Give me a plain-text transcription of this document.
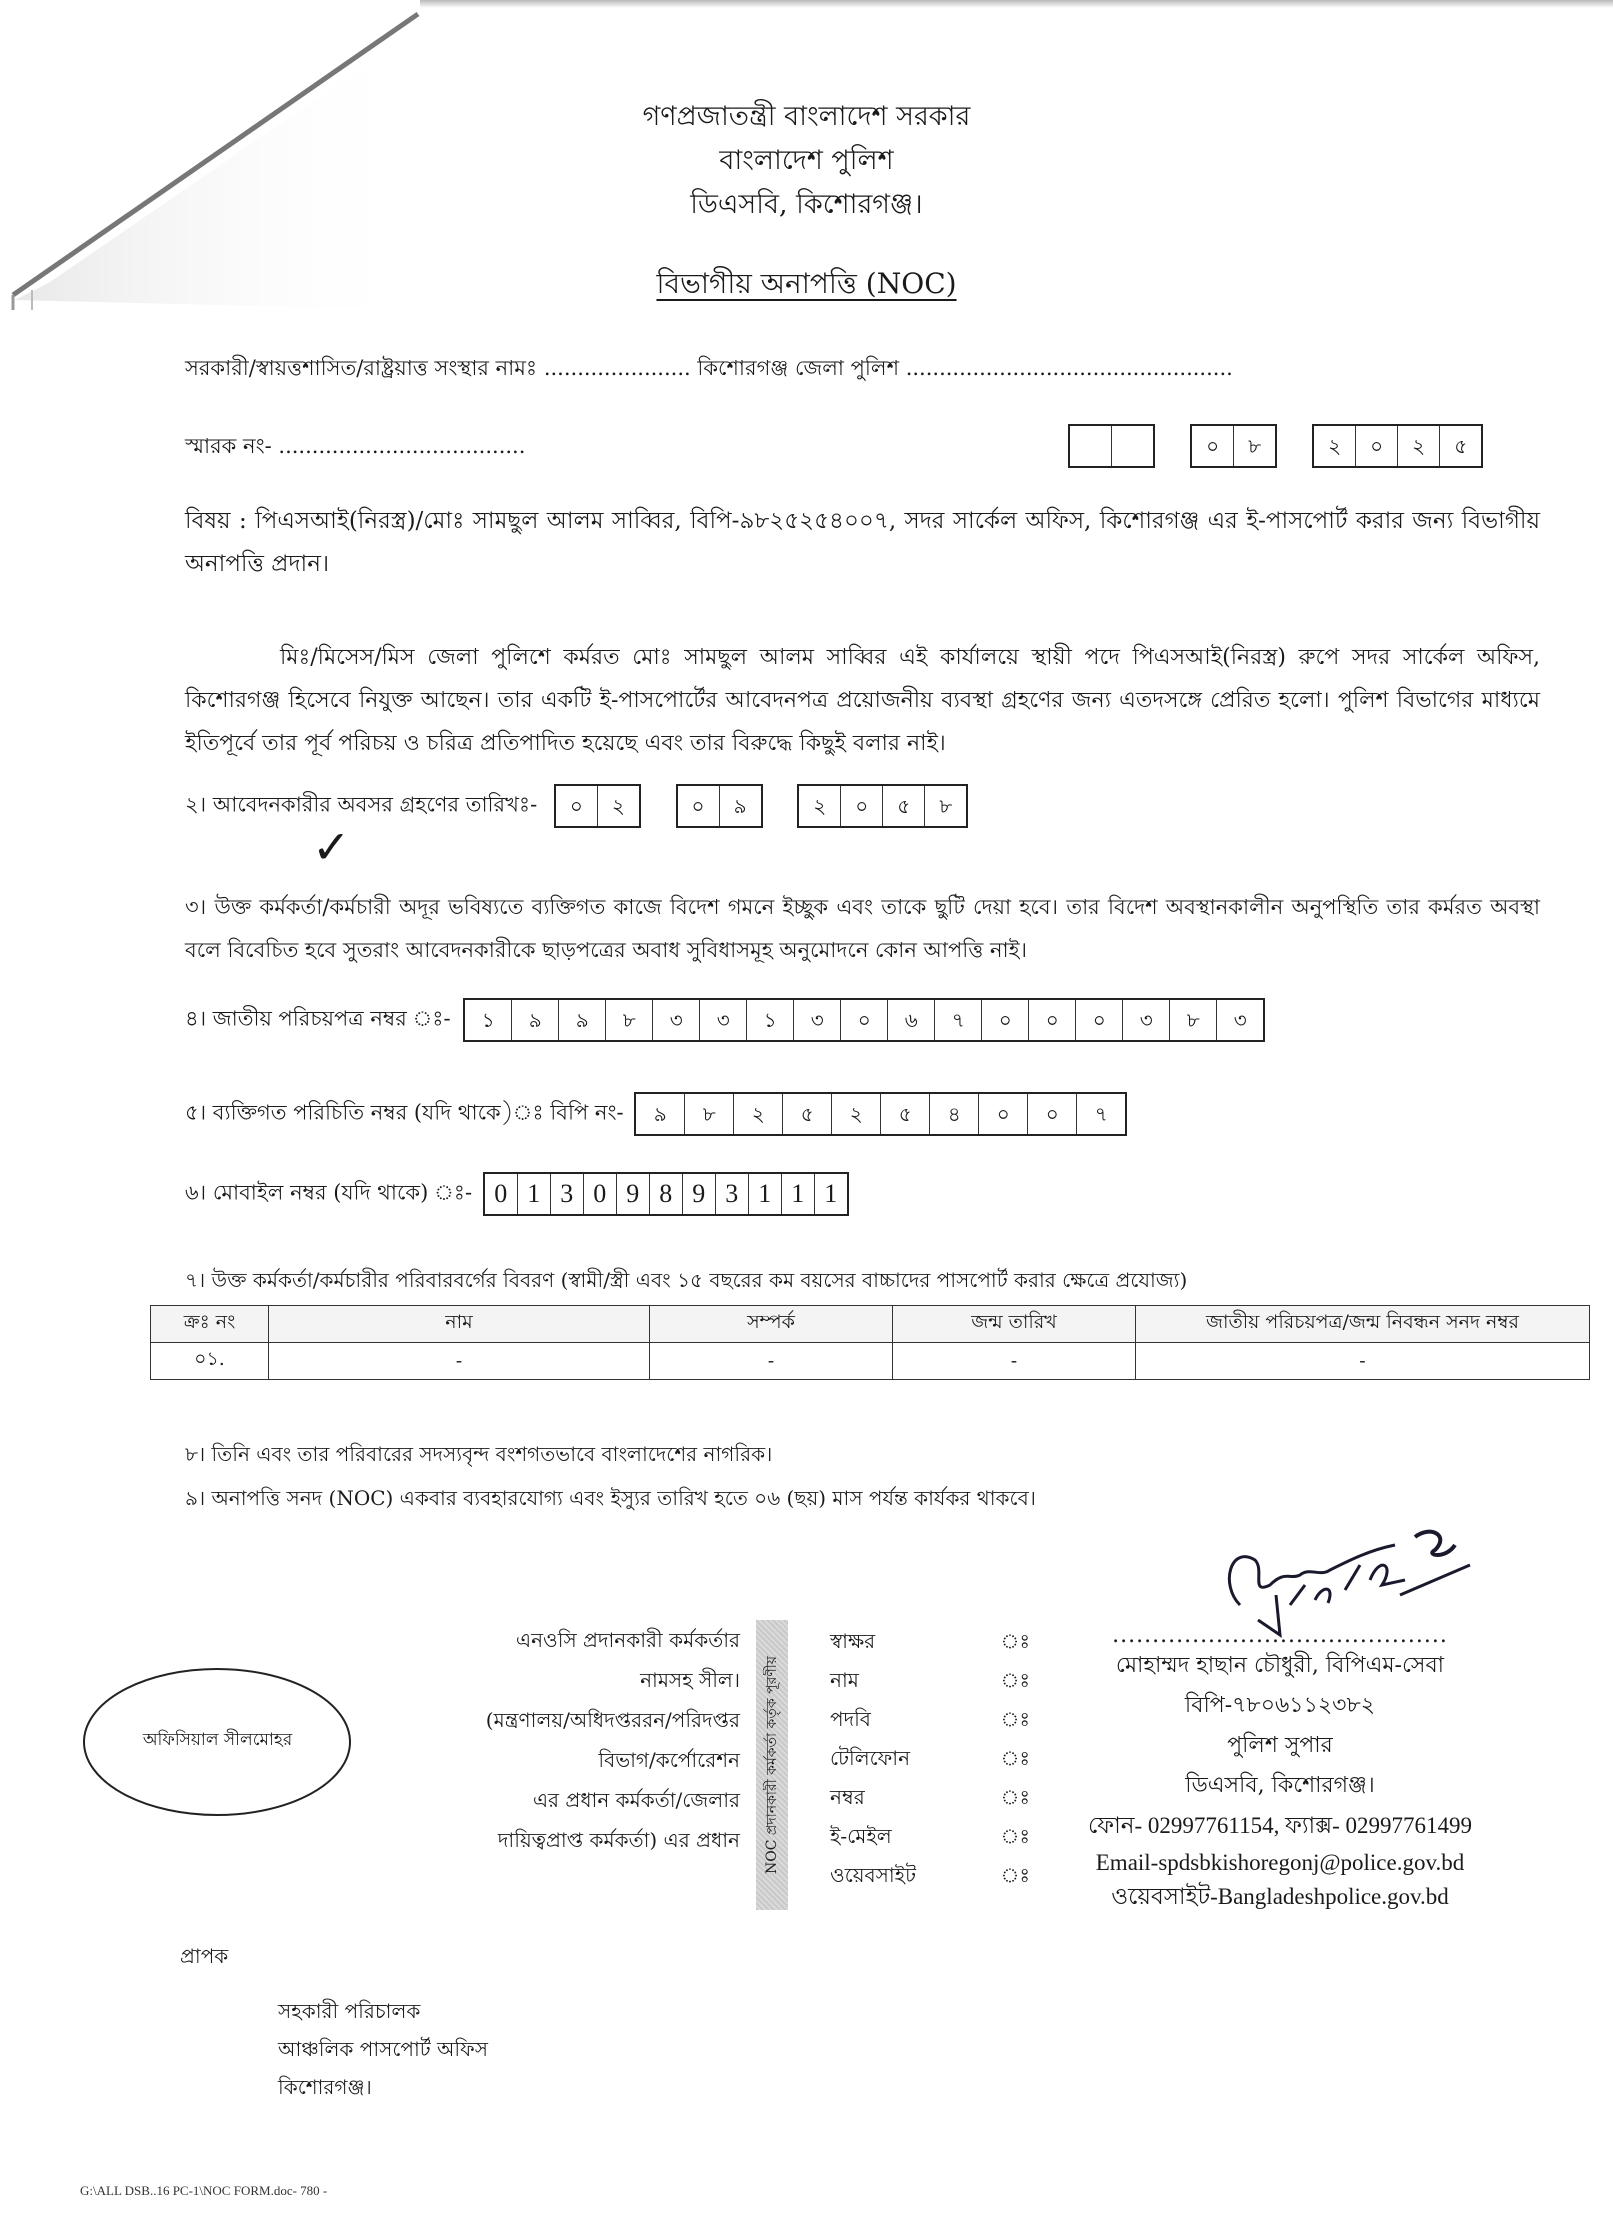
গণপ্রজাতন্ত্রী বাংলাদেশ সরকার
বাংলাদেশ পুলিশ
ডিএসবি, কিশোরগঞ্জ।
বিভাগীয় অনাপত্তি (NOC)
সরকারী/স্বায়ত্তশাসিত/রাষ্ট্রয়াত্ত সংস্থার নামঃ ...................... কিশোরগঞ্জ জেলা পুলিশ .................................................
স্মারক নং- .....................................
	০	৮
	২	০	২	৫
বিষয় : পিএসআই(নিরস্ত্র)/মোঃ সামছুল আলম সাব্বির, বিপি-৯৮২৫২৫৪০০৭, সদর সার্কেল অফিস, কিশোরগঞ্জ এর ই-পাসপোর্ট করার জন্য বিভাগীয় অনাপত্তি প্রদান।
মিঃ/মিসেস/মিস জেলা পুলিশে কর্মরত মোঃ সামছুল আলম সাব্বির এই কার্যালয়ে স্থায়ী পদে পিএসআই(নিরস্ত্র) রুপে সদর সার্কেল অফিস, কিশোরগঞ্জ হিসেবে নিযুক্ত আছেন। তার একটি ই-পাসপোর্টের আবেদনপত্র প্রয়োজনীয় ব্যবস্থা গ্রহণের জন্য এতদসঙ্গে প্রেরিত হলো। পুলিশ বিভাগের মাধ্যমে ইতিপূর্বে তার পূর্ব পরিচয় ও চরিত্র প্রতিপাদিত হয়েছে এবং তার বিরুদ্ধে কিছুই বলার নাই।
২। আবেদনকারীর অবসর গ্রহণের তারিখঃ-	০	২
	০	৯
	২	০	৫	৮
✓
৩। উক্ত কর্মকর্তা/কর্মচারী অদূর ভবিষ্যতে ব্যক্তিগত কাজে বিদেশ গমনে ইচ্ছুক এবং তাকে ছুটি দেয়া হবে। তার বিদেশ অবস্থানকালীন অনুপস্থিতি তার কর্মরত অবস্থা বলে বিবেচিত হবে সুতরাং আবেদনকারীকে ছাড়পত্রের অবাধ সুবিধাসমূহ অনুমোদনে কোন আপত্তি নাই।
৪। জাতীয় পরিচয়পত্র নম্বর ঃ-	১	৯	৯	৮	৩	৩	১	৩	০	৬	৭	০	০	০	৩	৮	৩
৫। ব্যক্তিগত পরিচিতি নম্বর (যদি থাকে)ঃ বিপি নং-	৯	৮	২	৫	২	৫	৪	০	০	৭
৬। মোবাইল নম্বর (যদি থাকে) ঃ- 0 1 3 0 9 8 9 3 1 1 1
৭। উক্ত কর্মকর্তা/কর্মচারীর পরিবারবর্গের বিবরণ (স্বামী/স্ত্রী এবং ১৫ বছরের কম বয়সের বাচ্চাদের পাসপোর্ট করার ক্ষেত্রে প্রযোজ্য)
ক্রঃ নং	নাম	সম্পর্ক	জন্ম তারিখ	জাতীয় পরিচয়পত্র/জন্ম নিবন্ধন সনদ নম্বর
০১.	-	-	-	-
৮। তিনি এবং তার পরিবারের সদস্যবৃন্দ বংশগতভাবে বাংলাদেশের নাগরিক।
৯। অনাপত্তি সনদ (NOC) একবার ব্যবহারযোগ্য এবং ইস্যুর তারিখ হতে ০৬ (ছয়) মাস পর্যন্ত কার্যকর থাকবে।
অফিসিয়াল সীলমোহর
এনওসি প্রদানকারী কর্মকর্তার
নামসহ সীল।
(মন্ত্রণালয়/অধিদপ্তররন/পরিদপ্তর
বিভাগ/কর্পোরেশন
এর প্রধান কর্মকর্তা/জেলার
দায়িত্বপ্রাপ্ত কর্মকর্তা) এর প্রধান NOC প্রদানকারী কর্মকর্তা কর্তৃক পূরণীয়
স্বাক্ষর	ঃ
নাম	ঃ
পদবি	ঃ
টেলিফোন	ঃ
নম্বর	ঃ
ই-মেইল	ঃ
ওয়েবসাইট	ঃ
..........................................
মোহাম্মদ হাছান চৌধুরী, বিপিএম-সেবা
বিপি-৭৮০৬১১২৩৮২
পুলিশ সুপার
ডিএসবি, কিশোরগঞ্জ।
ফোন- 02997761154, ফ্যাক্স- 02997761499
Email-spdsbkishoregonj@police.gov.bd
ওয়েবসাইট-Bangladeshpolice.gov.bd
প্রাপক
সহকারী পরিচালক
আঞ্চলিক পাসপোর্ট অফিস
কিশোরগঞ্জ।
G:\ALL DSB..16 PC-1\NOC FORM.doc- 780 -
